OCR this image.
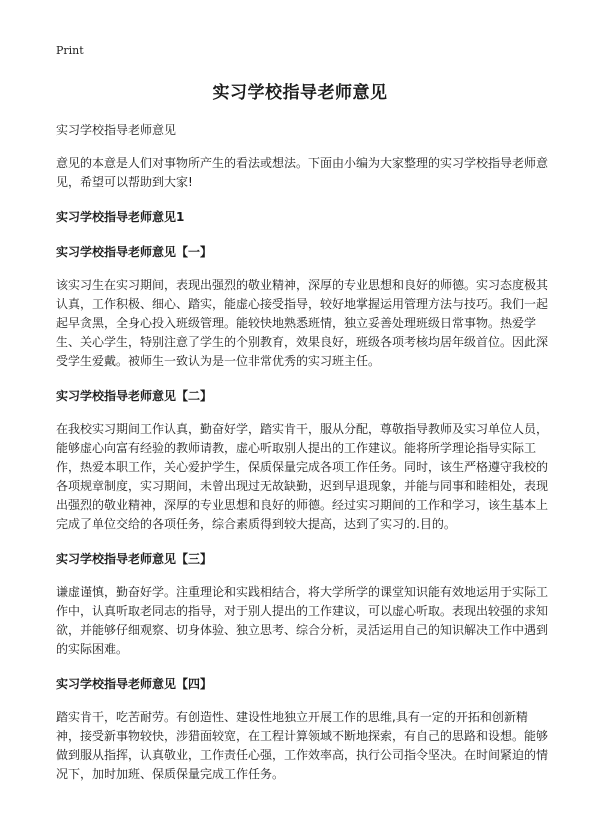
Print
实习学校指导老师意见

实习学校指导老师意见

意见的本意是人们对事物所产生的看法或想法。下面由小编为大家整理的实习学校指导老师意见，希望可以帮助到大家!

实习学校指导老师意见1

实习学校指导老师意见【一】

该实习生在实习期间，表现出强烈的敬业精神，深厚的专业思想和良好的师德。实习态度极其认真，工作积极、细心、踏实，能虚心接受指导，较好地掌握运用管理方法与技巧。我们一起起早贪黑，全身心投入班级管理。能较快地熟悉班情，独立妥善处理班级日常事物。热爱学生、关心学生，特别注意了学生的个别教育，效果良好，班级各项考核均居年级首位。因此深受学生爱戴。被师生一致认为是一位非常优秀的实习班主任。

实习学校指导老师意见【二】

在我校实习期间工作认真，勤奋好学，踏实肯干，服从分配，尊敬指导教师及实习单位人员，能够虚心向富有经验的教师请教，虚心听取别人提出的工作建议。能将所学理论指导实际工作，热爱本职工作，关心爱护学生，保质保量完成各项工作任务。同时，该生严格遵守我校的各项规章制度，实习期间，未曾出现过无故缺勤，迟到早退现象，并能与同事和睦相处，表现出强烈的敬业精神，深厚的专业思想和良好的师德。经过实习期间的工作和学习，该生基本上完成了单位交给的各项任务，综合素质得到较大提高，达到了实习的.目的。

实习学校指导老师意见【三】

谦虚谨慎，勤奋好学。注重理论和实践相结合，将大学所学的课堂知识能有效地运用于实际工作中，认真听取老同志的指导，对于别人提出的工作建议，可以虚心听取。表现出较强的求知欲，并能够仔细观察、切身体验、独立思考、综合分析，灵活运用自己的知识解决工作中遇到的实际困难。

实习学校指导老师意见【四】

踏实肯干，吃苦耐劳。有创造性、建设性地独立开展工作的思维,具有一定的开拓和创新精神，接受新事物较快，涉猎面较宽，在工程计算领域不断地探索，有自己的思路和设想。能够做到服从指挥，认真敬业，工作责任心强，工作效率高，执行公司指令坚决。在时间紧迫的情况下，加时加班、保质保量完成工作任务。
